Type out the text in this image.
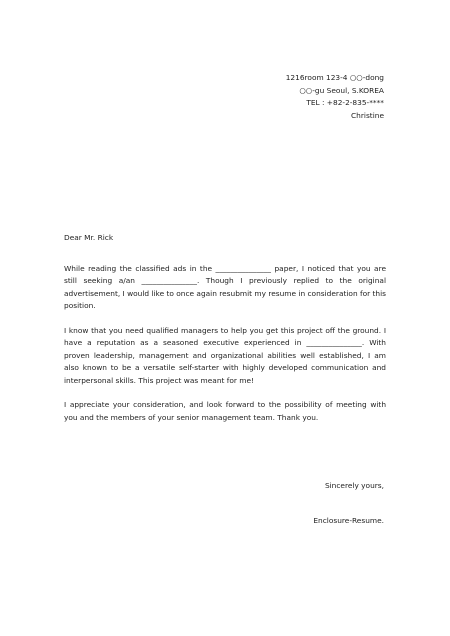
1216room 123-4 ○○-dong
○○-gu Seoul, S.KOREA
TEL : +82-2-835-****
Christine
Dear Mr. Rick

While reading the classified ads in the _______________ paper, I noticed that you are still seeking a/an _______________. Though I previously replied to the original advertisement, I would like to once again resubmit my resume in consideration for this position.

I know that you need qualified managers to help you get this project off the ground. I have a reputation as a seasoned executive experienced in _______________. With proven leadership, management and organizational abilities well established, I am also known to be a versatile self-starter with highly developed communication and interpersonal skills. This project was meant for me!

I appreciate your consideration, and look forward to the possibility of meeting with you and the members of your senior management team. Thank you.

Sincerely yours,
Enclosure-Resume.
